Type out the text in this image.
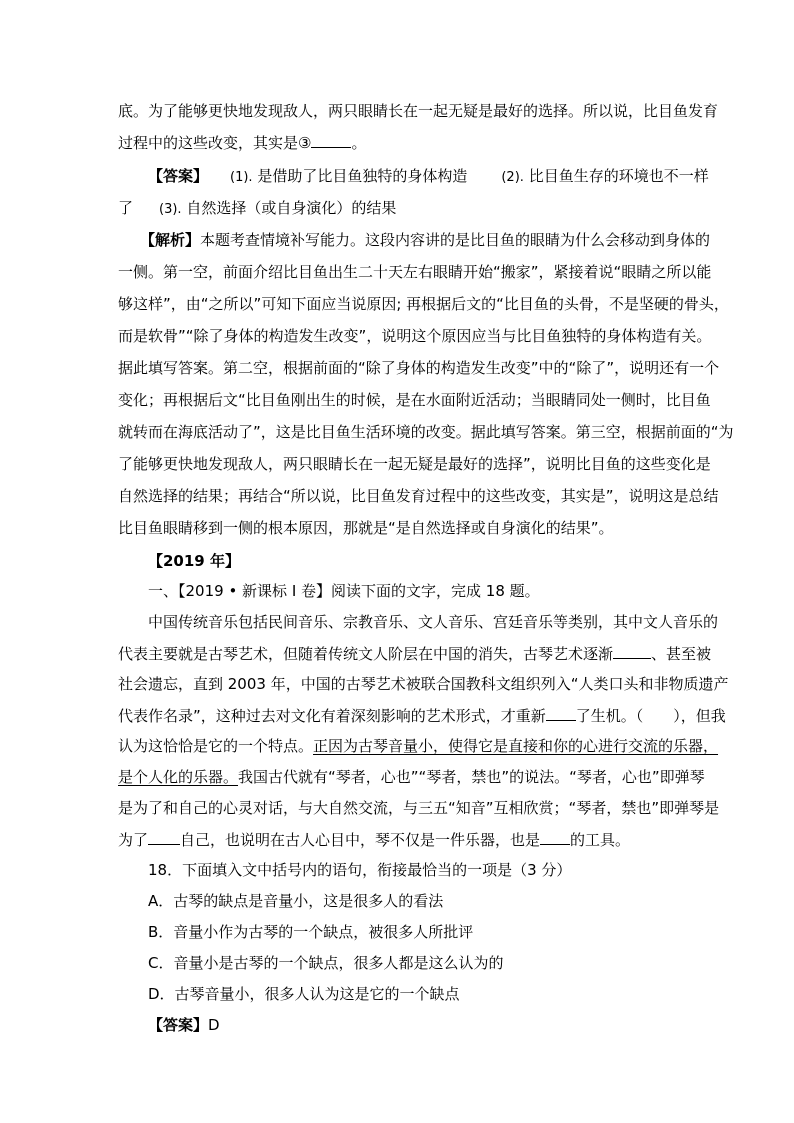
底。为了能够更快地发现敌人，两只眼睛长在一起无疑是最好的选择。所以说，比目鱼发育
过程中的这些改变，其实是③	。
【答案】 (1). 是借助了比目鱼独特的身体构造	(2). 比目鱼生存的环境也不一样
了 (3). 自然选择（或自身演化）的结果
【解析】本题考查情境补写能力。这段内容讲的是比目鱼的眼睛为什么会移动到身体的
一侧。第一空，前面介绍比目鱼出生二十天左右眼睛开始“搬家”，紧接着说“眼睛之所以能
够这样”，由“之所以”可知下面应当说原因; 再根据后文的“比目鱼的头骨，不是坚硬的骨头，
而是软骨”“除了身体的构造发生改变”，说明这个原因应当与比目鱼独特的身体构造有关。
据此填写答案。第二空，根据前面的“除了身体的构造发生改变”中的“除了”，说明还有一个
变化；再根据后文“比目鱼刚出生的时候，是在水面附近活动；当眼睛同处一侧时，比目鱼
就转而在海底活动了”，这是比目鱼生活环境的改变。据此填写答案。第三空，根据前面的“为
了能够更快地发现敌人，两只眼睛长在一起无疑是最好的选择”，说明比目鱼的这些变化是
自然选择的结果；再结合“所以说，比目鱼发育过程中的这些改变，其实是”，说明这是总结
比目鱼眼睛移到一侧的根本原因，那就是“是自然选择或自身演化的结果”。
【2019 年】
一、【2019 • 新课标 I 卷】阅读下面的文字，完成 18 题。
中国传统音乐包括民间音乐、宗教音乐、文人音乐、宫廷音乐等类别，其中文人音乐的
代表主要就是古琴艺术，但随着传统文人阶层在中国的消失，古琴艺术逐渐	、甚至被
社会遗忘，直到 2003 年，中国的古琴艺术被联合国教科文组织列入“人类口头和非物质遗产
代表作名录”，这种过去对文化有着深刻影响的艺术形式，才重新 了生机。（　　），但我
认为这恰恰是它的一个特点。正因为古琴音量小，使得它是直接和你的心进行交流的乐器，
是个人化的乐器。我国古代就有“琴者，心也”“琴者，禁也”的说法。“琴者，心也”即弹琴
是为了和自己的心灵对话，与大自然交流，与三五“知音”互相欣赏；“琴者，禁也”即弹琴是
为了 自己，也说明在古人心目中，琴不仅是一件乐器，也是 的工具。
18．下面填入文中括号内的语句，衔接最恰当的一项是（3 分）
A．古琴的缺点是音量小，这是很多人的看法
B．音量小作为古琴的一个缺点，被很多人所批评
C．音量小是古琴的一个缺点，很多人都是这么认为的
D．古琴音量小，很多人认为这是它的一个缺点
【答案】D
